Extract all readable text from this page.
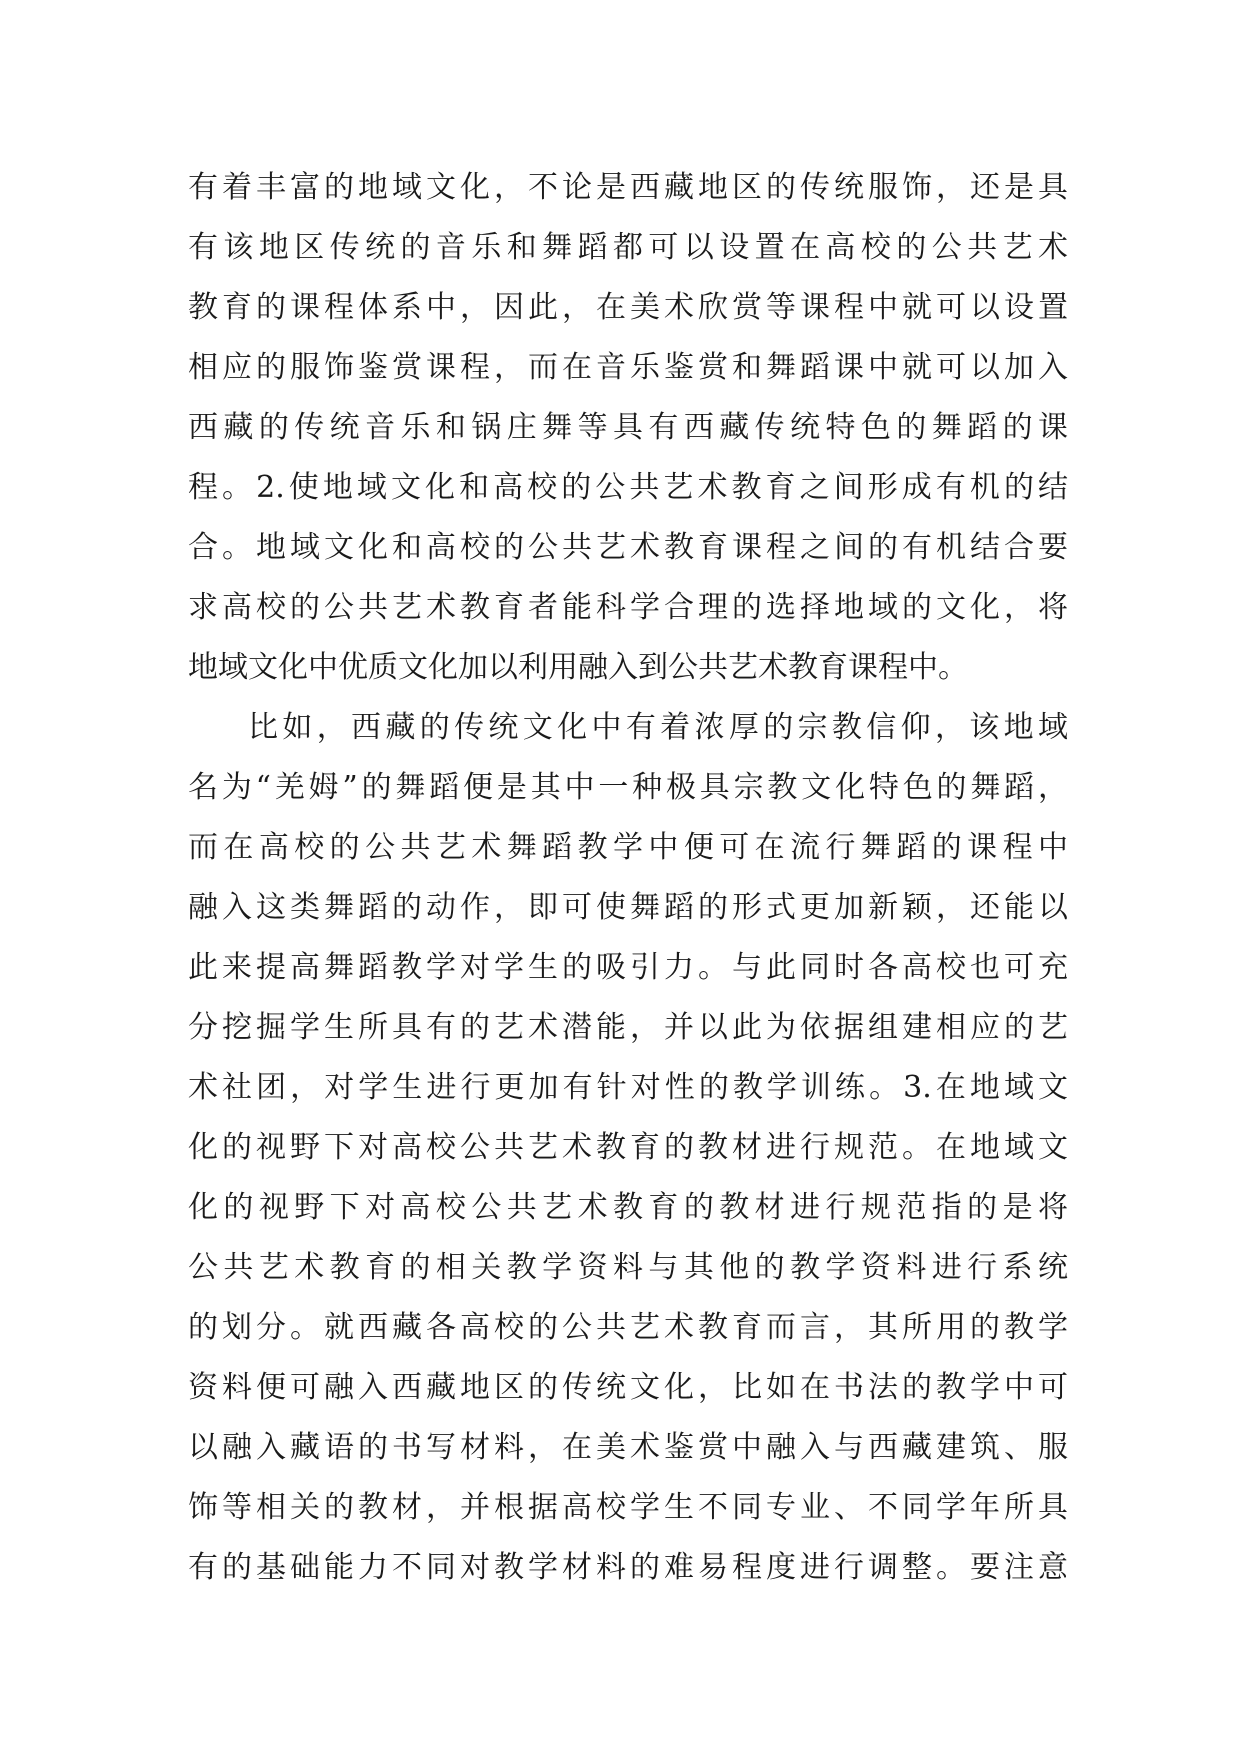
有着丰富的地域文化，不论是西藏地区的传统服饰，还是具
有该地区传统的音乐和舞蹈都可以设置在高校的公共艺术
教育的课程体系中，因此，在美术欣赏等课程中就可以设置
相应的服饰鉴赏课程，而在音乐鉴赏和舞蹈课中就可以加入
西藏的传统音乐和锅庄舞等具有西藏传统特色的舞蹈的课
程。2.使地域文化和高校的公共艺术教育之间形成有机的结
合。地域文化和高校的公共艺术教育课程之间的有机结合要
求高校的公共艺术教育者能科学合理的选择地域的文化，将
地域文化中优质文化加以利用融入到公共艺术教育课程中。
比如，西藏的传统文化中有着浓厚的宗教信仰，该地域
名为“羌姆”的舞蹈便是其中一种极具宗教文化特色的舞蹈，
而在高校的公共艺术舞蹈教学中便可在流行舞蹈的课程中
融入这类舞蹈的动作，即可使舞蹈的形式更加新颖，还能以
此来提高舞蹈教学对学生的吸引力。与此同时各高校也可充
分挖掘学生所具有的艺术潜能，并以此为依据组建相应的艺
术社团，对学生进行更加有针对性的教学训练。3.在地域文
化的视野下对高校公共艺术教育的教材进行规范。在地域文
化的视野下对高校公共艺术教育的教材进行规范指的是将
公共艺术教育的相关教学资料与其他的教学资料进行系统
的划分。就西藏各高校的公共艺术教育而言，其所用的教学
资料便可融入西藏地区的传统文化，比如在书法的教学中可
以融入藏语的书写材料，在美术鉴赏中融入与西藏建筑、服
饰等相关的教材，并根据高校学生不同专业、不同学年所具
有的基础能力不同对教学材料的难易程度进行调整。要注意
